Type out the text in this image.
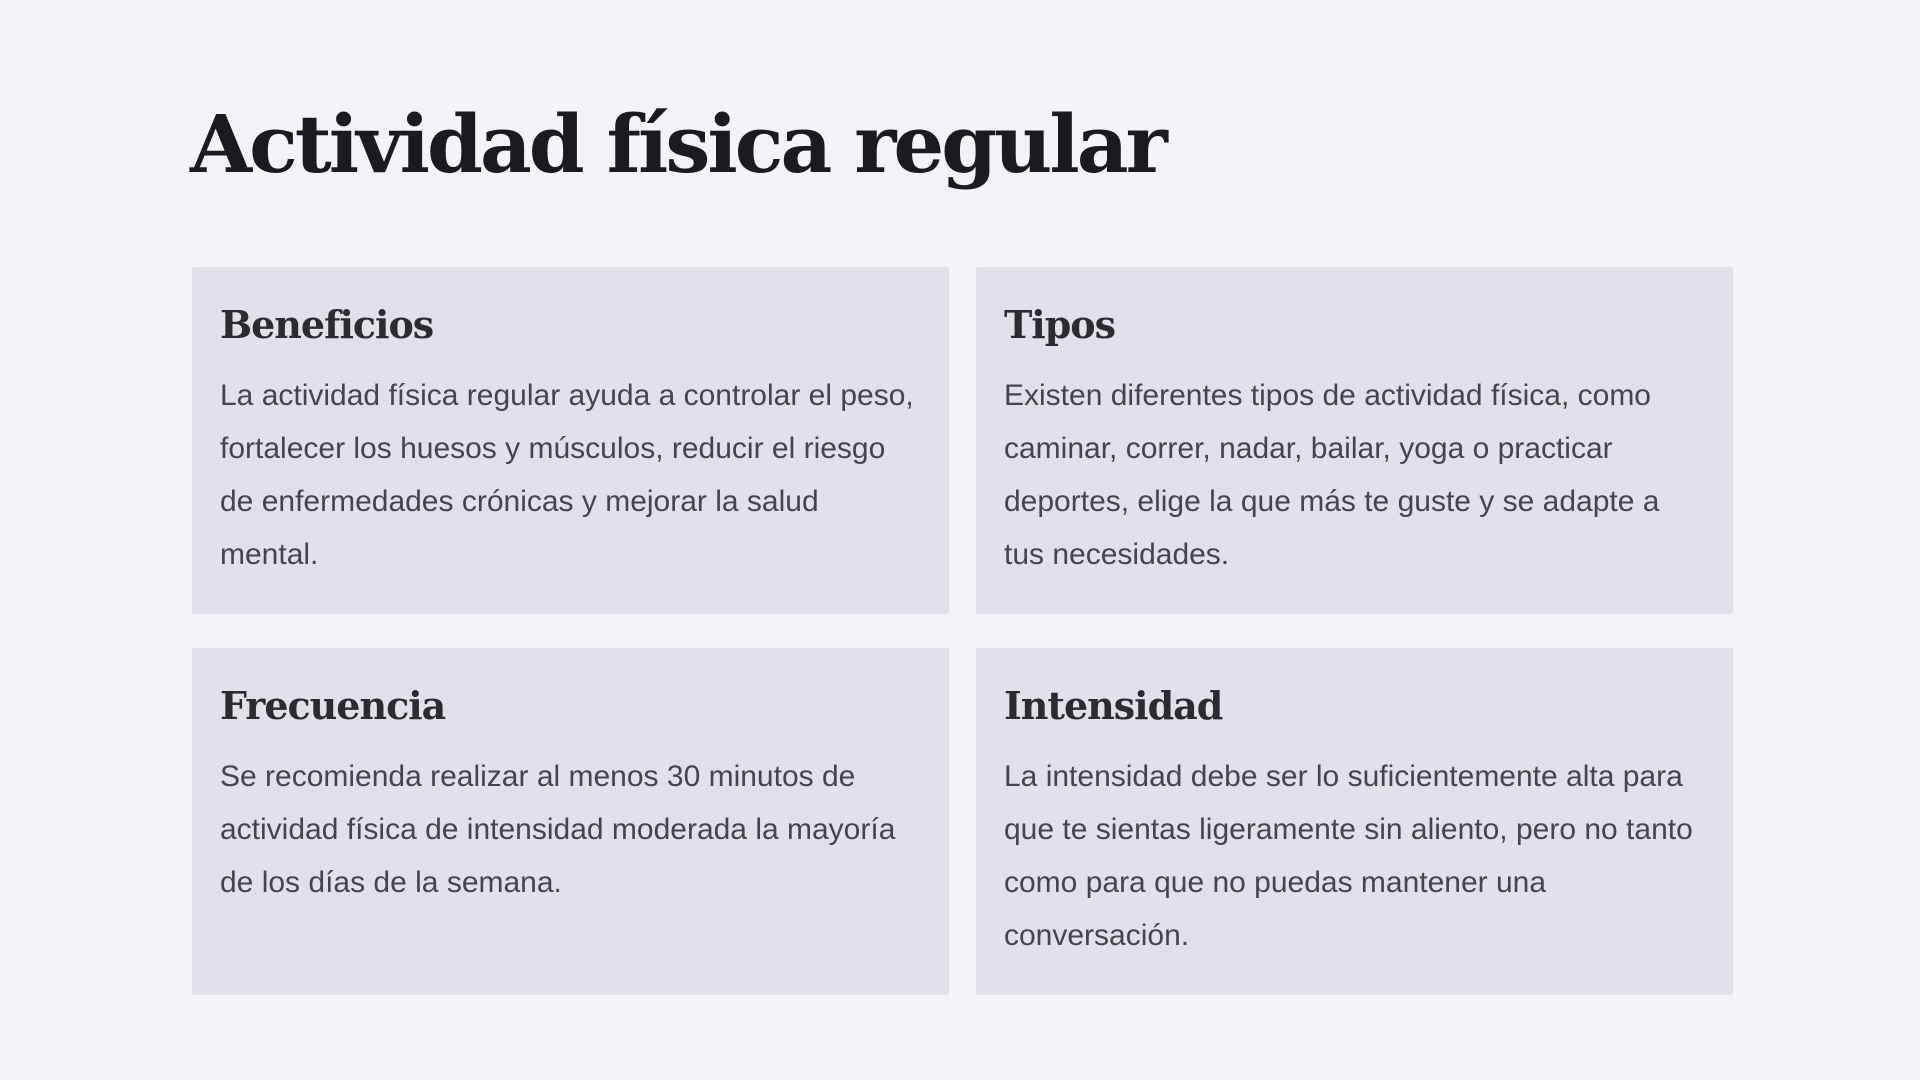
Actividad física regular
Beneficios

La actividad física regular ayuda a controlar el peso, fortalecer los huesos y músculos, reducir el riesgo de enfermedades crónicas y mejorar la salud mental.

Tipos

Existen diferentes tipos de actividad física, como caminar, correr, nadar, bailar, yoga o practicar deportes, elige la que más te guste y se adapte a tus necesidades.

Frecuencia

Se recomienda realizar al menos 30 minutos de actividad física de intensidad moderada la mayoría de los días de la semana.

Intensidad

La intensidad debe ser lo suficientemente alta para que te sientas ligeramente sin aliento, pero no tanto como para que no puedas mantener una conversación.
